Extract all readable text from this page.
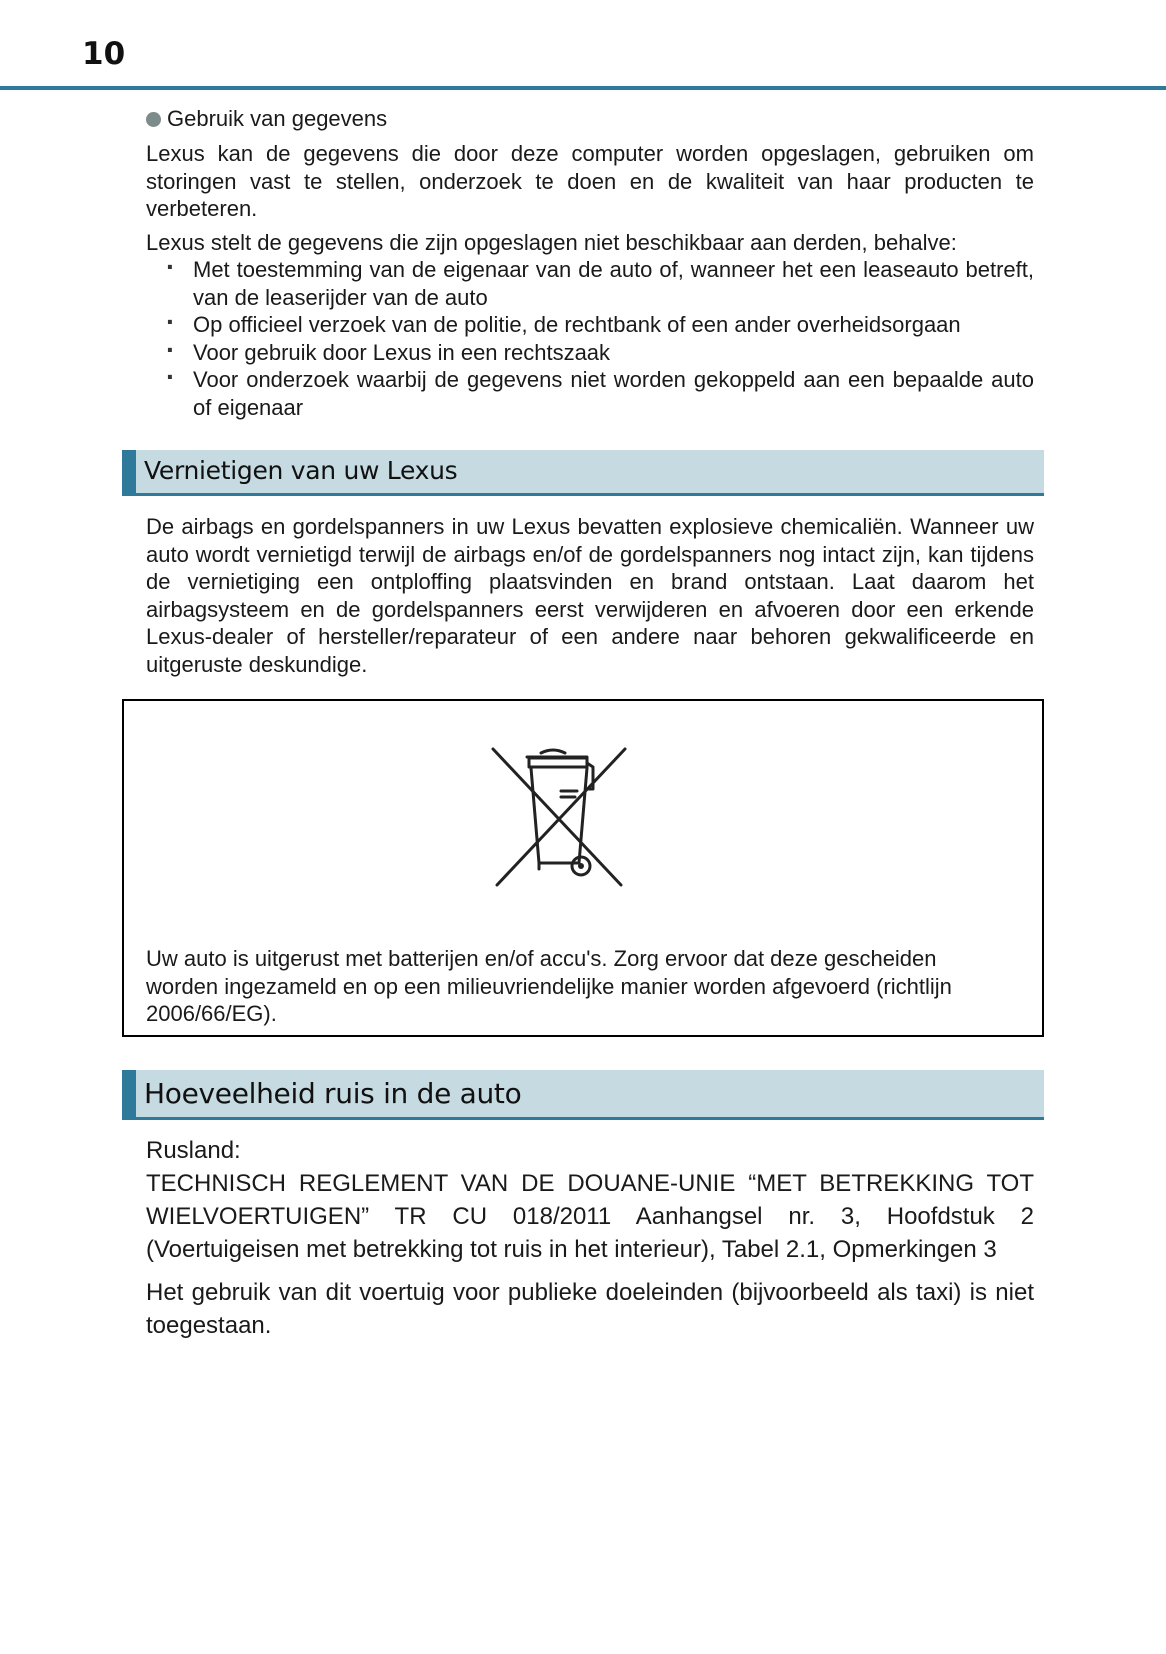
10
Gebruik van gegevens

Lexus kan de gegevens die door deze computer worden opgeslagen, gebruiken om storingen vast te stellen, onderzoek te doen en de kwaliteit van haar producten te verbeteren.

Lexus stelt de gegevens die zijn opgeslagen niet beschikbaar aan derden, behalve:

· Met toestemming van de eigenaar van de auto of, wanneer het een leaseauto betreft, van de leaserijder van de auto
· Op officieel verzoek van de politie, de rechtbank of een ander overheidsorgaan
· Voor gebruik door Lexus in een rechtszaak
· Voor onderzoek waarbij de gegevens niet worden gekoppeld aan een bepaalde auto of eigenaar
Vernietigen van uw Lexus

De airbags en gordelspanners in uw Lexus bevatten explosieve chemicaliën. Wanneer uw auto wordt vernietigd terwijl de airbags en/of de gordelspanners nog intact zijn, kan tijdens de vernietiging een ontploffing plaatsvinden en brand ontstaan. Laat daarom het airbagsysteem en de gordelspanners eerst verwijderen en afvoeren door een erkende Lexus-dealer of hersteller/reparateur of een andere naar behoren gekwalificeerde en uitgeruste deskundige.

Uw auto is uitgerust met batterijen en/of accu's. Zorg ervoor dat deze gescheiden worden ingezameld en op een milieuvriendelijke manier worden afgevoerd (richtlijn 2006/66/EG).

Hoeveelheid ruis in de auto

Rusland:

TECHNISCH REGLEMENT VAN DE DOUANE-UNIE “MET BETREKKING TOT WIELVOERTUIGEN” TR CU 018/2011 Aanhangsel nr. 3, Hoofdstuk 2 (Voertuigeisen met betrekking tot ruis in het interieur), Tabel 2.1, Opmerkingen 3

Het gebruik van dit voertuig voor publieke doeleinden (bijvoorbeeld als taxi) is niet toegestaan.
